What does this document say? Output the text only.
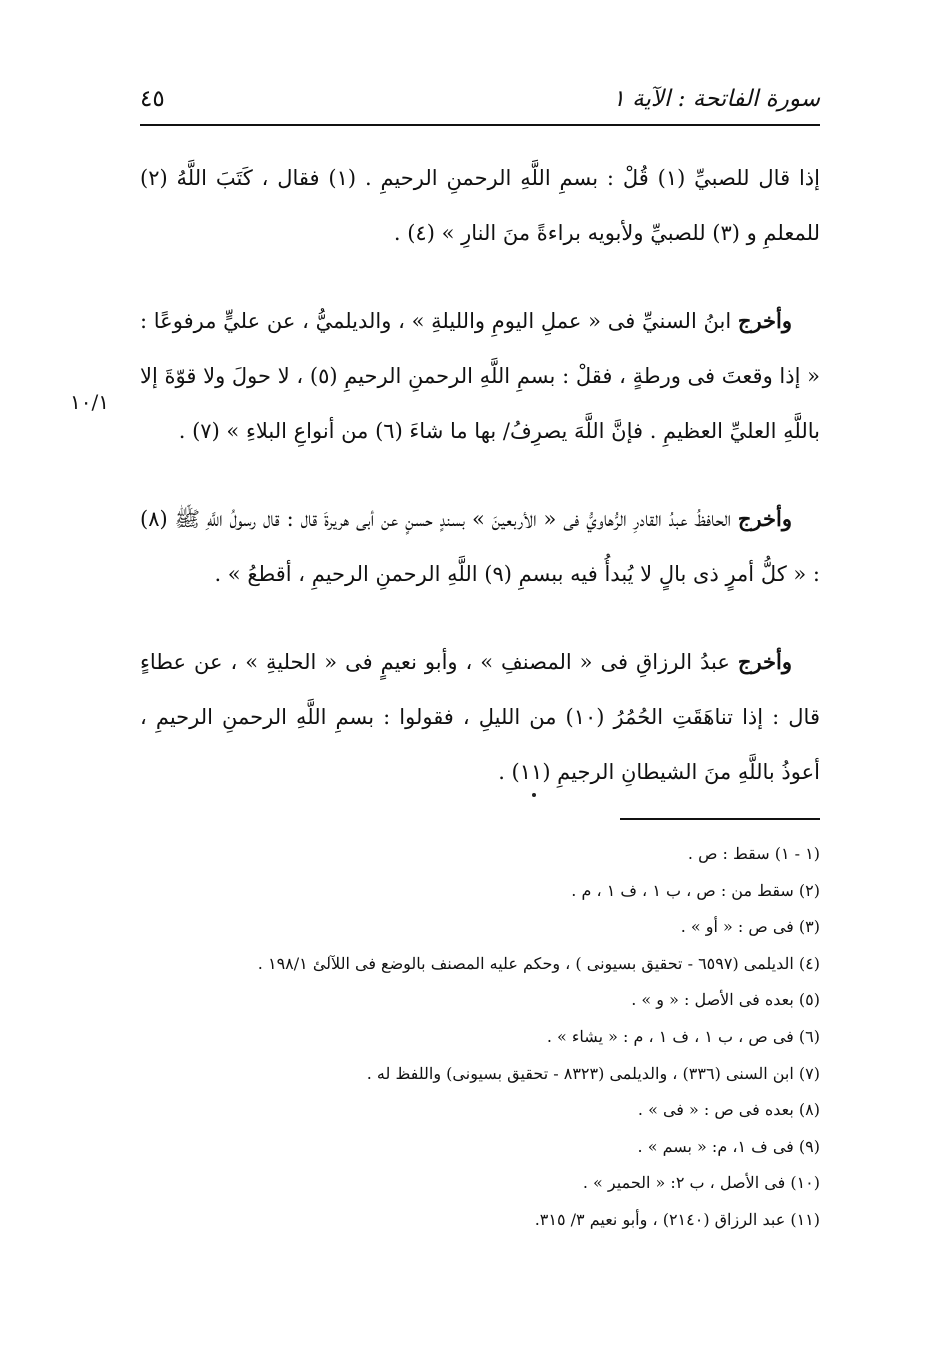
سورة الفاتحة : الآية ١
٤٥
١٠/١

إذا قال للصبيِّ (١) قُلْ : بسمِ اللَّهِ الرحمنِ الرحيمِ . (١) فقال ، كَتَبَ اللَّهُ (٢) للمعلمِ و (٣) للصبيِّ ولأبويه براءةً منَ النارِ » (٤) .

وأخرج ابنُ السنيِّ فى « عملِ اليومِ والليلةِ » ، والديلميُّ ، عن عليٍّ مرفوعًا : « إذا وقعتَ فى ورطةٍ ، فقلْ : بسمِ اللَّهِ الرحمنِ الرحيمِ (٥) ، لا حولَ ولا قوّةَ إلا باللَّهِ العليِّ العظيمِ . فإنَّ اللَّهَ يصرِفُ/ بها ما شاءَ (٦) من أنواعِ البلاءِ » (٧) .

وأخرج الحافظُ عبدُ القادرِ الرُّهاويُّ فى « الأربعينَ » بسندٍ حسنٍ عن أبى هريرةَ قال : قال رسولُ اللَّهِ ﷺ (٨) : « كلُّ أمرٍ ذى بالٍ لا يُبدأُ فيه ببسمِ (٩) اللَّهِ الرحمنِ الرحيمِ ، أقطعُ » .

وأخرج عبدُ الرزاقِ فى « المصنفِ » ، وأبو نعيمٍ فى « الحليةِ » ، عن عطاءٍ قال : إذا تناهَقَتِ الحُمُرُ (١٠) من الليلِ ، فقولوا : بسمِ اللَّهِ الرحمنِ الرحيمِ ، أعوذُ باللَّهِ منَ الشيطانِ الرجيمِ (١١) .

(١ - ١) سقط : ص .
(٢) سقط من : ص ، ب ١ ، ف ١ ، م .
(٣) فى ص : « أو » .
(٤) الديلمى (٦٥٩٧ - تحقيق بسيونى ) ، وحكم عليه المصنف بالوضع فى اللآلئ ١٩٨/١ .
(٥) بعده فى الأصل : « و » .
(٦) فى ص ، ب ١ ، ف ١ ، م : « يشاء » .
(٧) ابن السنى (٣٣٦) ، والديلمى (٨٣٢٣ - تحقيق بسيونى) واللفظ له .
(٨) بعده فى ص : « فى » .
(٩) فى ف ١، م: « بسم » .
(١٠) فى الأصل ، ب ٢: « الحمير » .
(١١) عبد الرزاق (٢١٤٠) ، وأبو نعيم ٣/ ٣١٥.
